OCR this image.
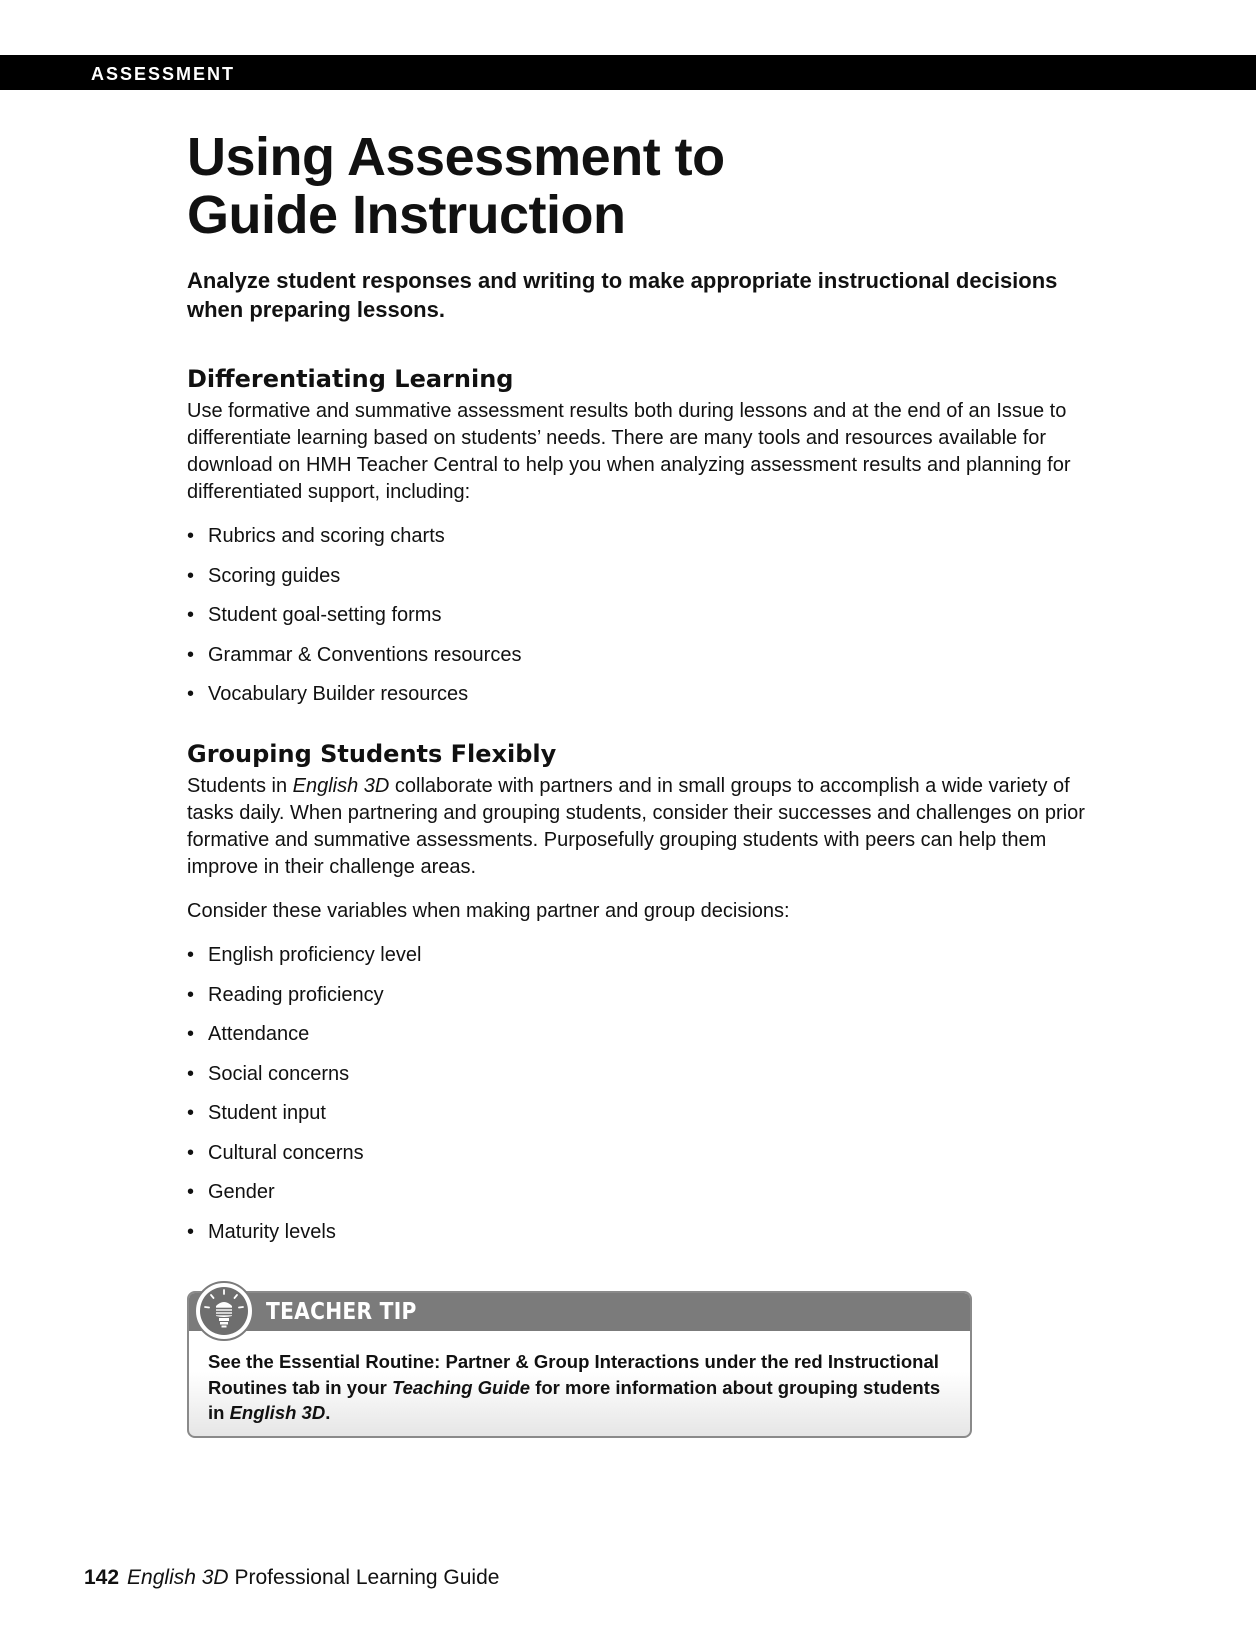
ASSESSMENT
Using Assessment to
Guide Instruction

Analyze student responses and writing to make appropriate instructional decisions when preparing lessons.

Differentiating Learning

Use formative and summative assessment results both during lessons and at the end of an Issue to differentiate learning based on students’ needs. There are many tools and resources available for download on HMH Teacher Central to help you when analyzing assessment results and planning for differentiated support, including:

• Rubrics and scoring charts
• Scoring guides
• Student goal-setting forms
• Grammar & Conventions resources
• Vocabulary Builder resources
Grouping Students Flexibly

Students in English 3D collaborate with partners and in small groups to accomplish a wide variety of tasks daily. When partnering and grouping students, consider their successes and challenges on prior formative and summative assessments. Purposefully grouping students with peers can help them improve in their challenge areas.

Consider these variables when making partner and group decisions:

• English proficiency level
• Reading proficiency
• Attendance
• Social concerns
• Student input
• Cultural concerns
• Gender
• Maturity levels
TEACHER TIP

See the Essential Routine: Partner & Group Interactions under the red Instructional Routines tab in your Teaching Guide for more information about grouping students in English 3D.

142 English 3D Professional Learning Guide
